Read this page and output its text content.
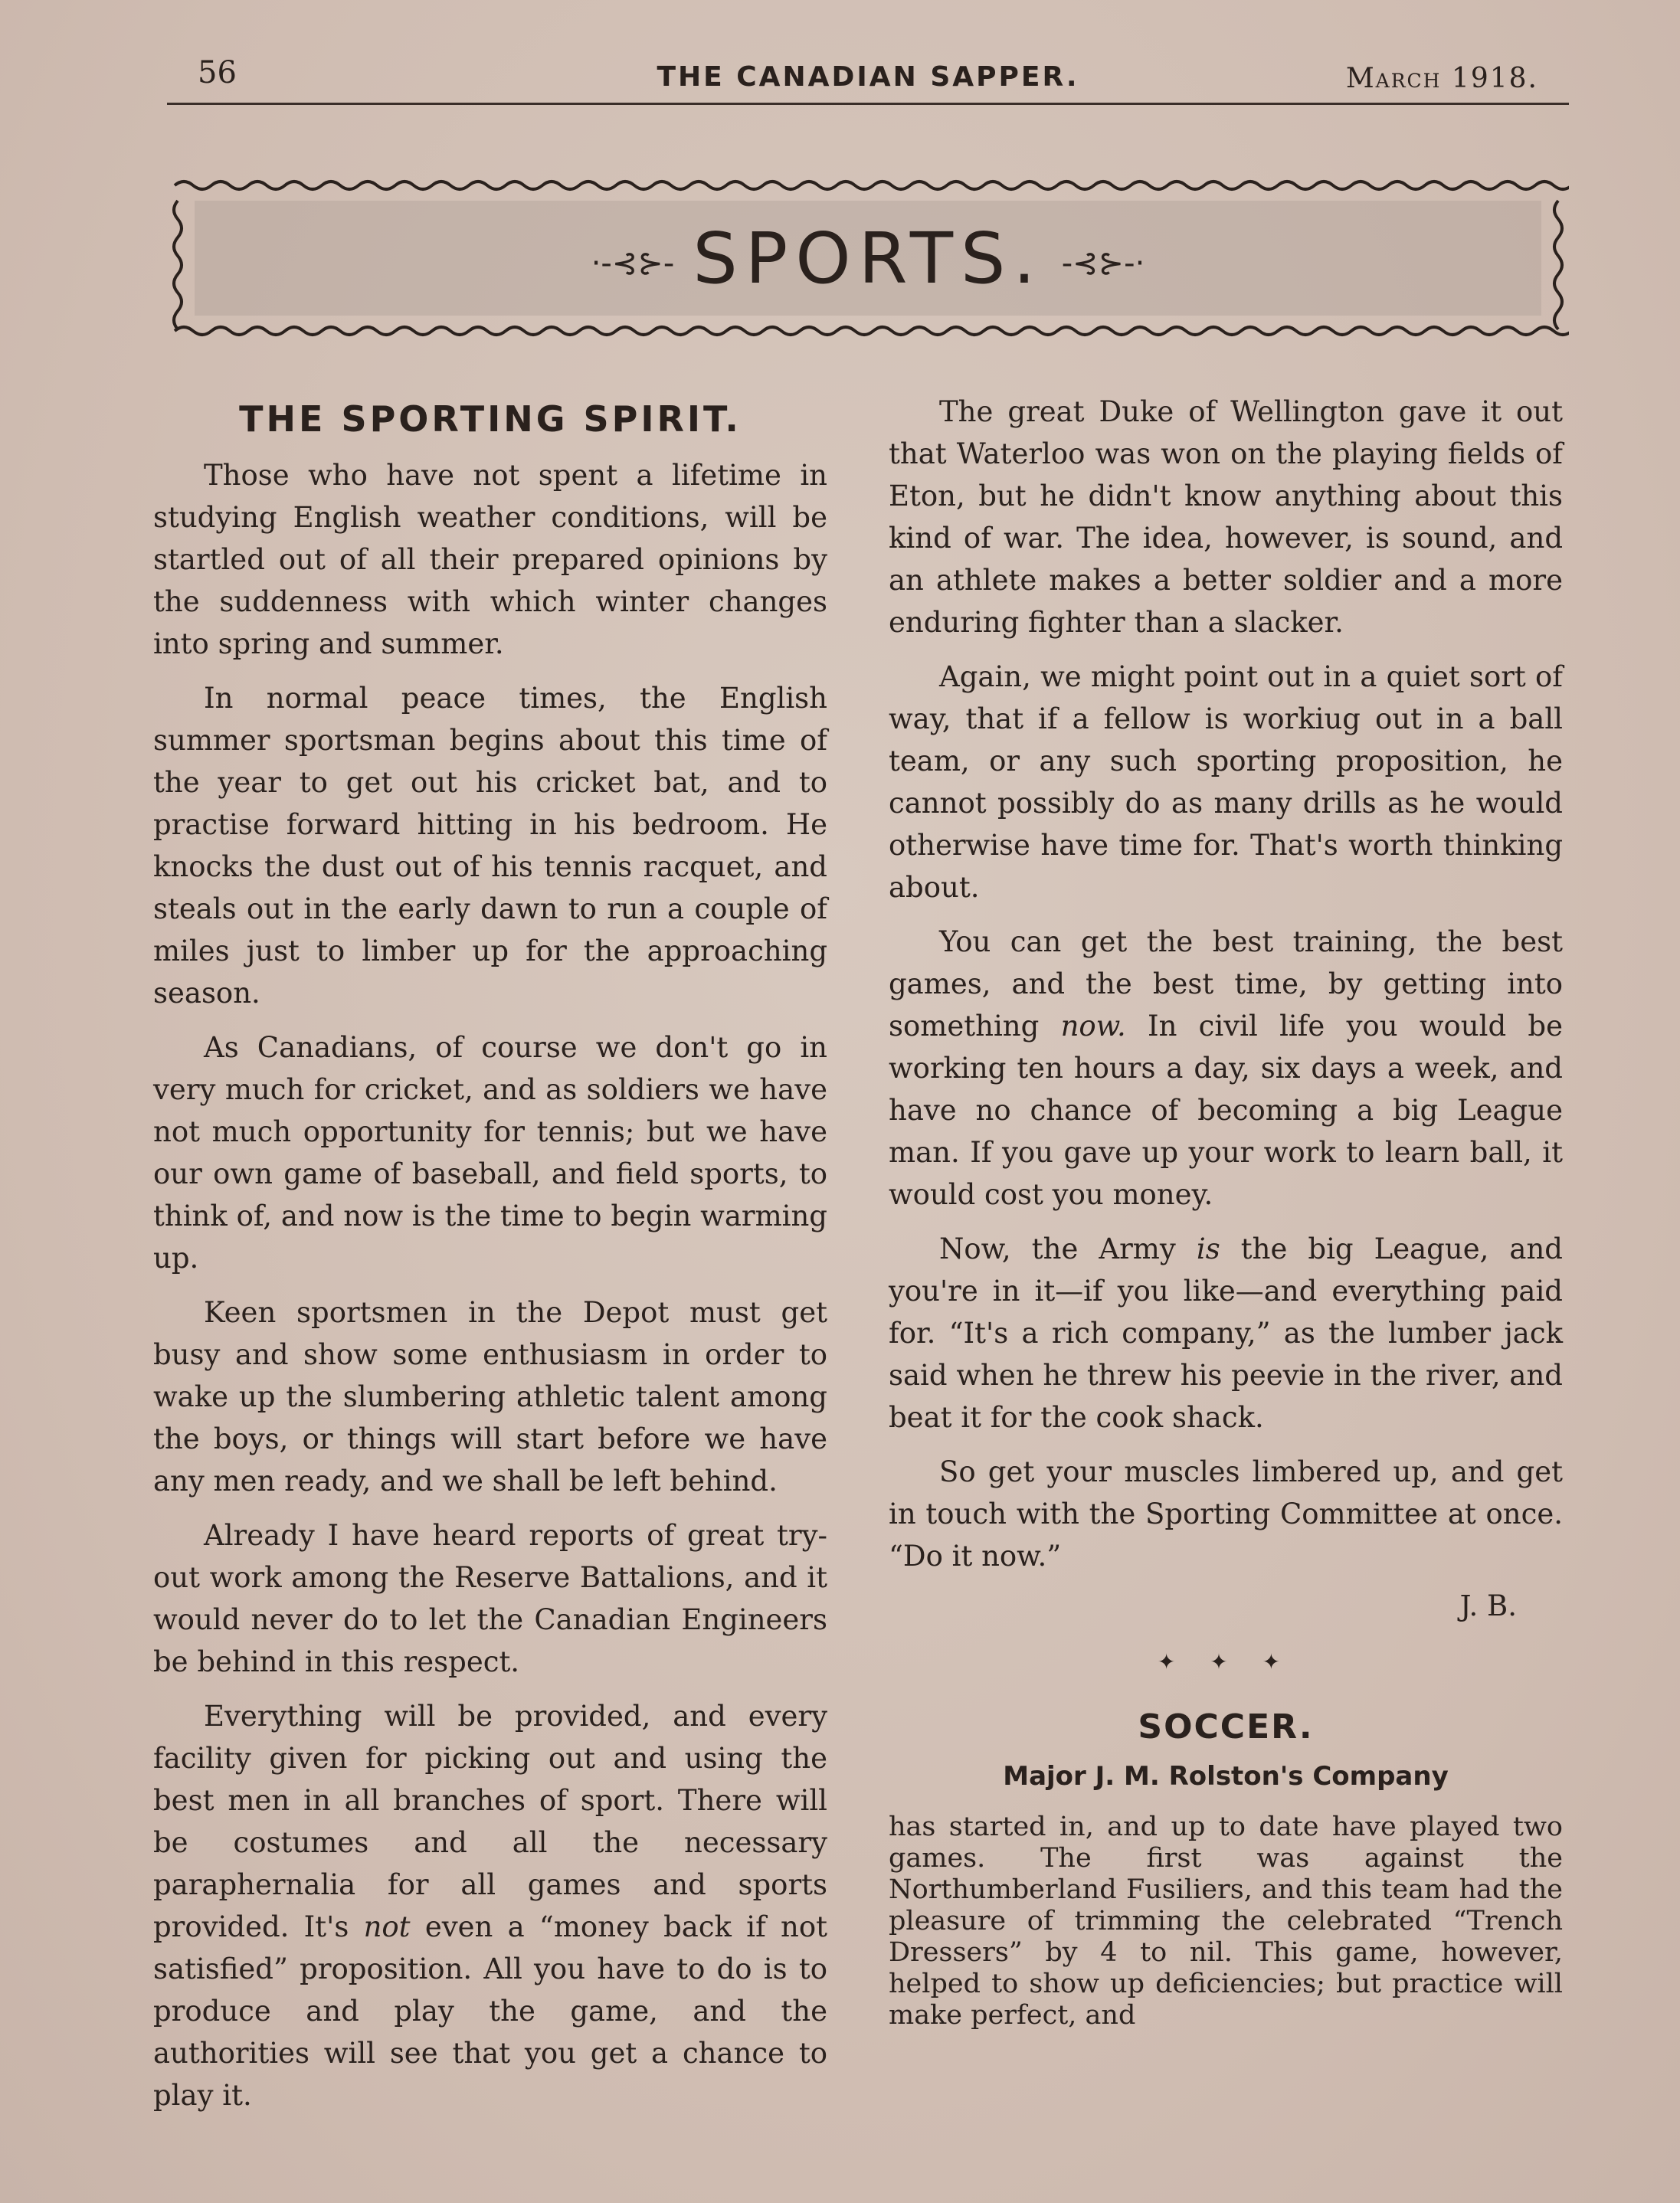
56	THE CANADIAN SAPPER.	March 1918.
·‑⊰⊱‑ SPORTS. ‑⊰⊱‑·
THE SPORTING SPIRIT.

Those who have not spent a lifetime in studying English weather conditions, will be startled out of all their prepared opinions by the suddenness with which winter changes into spring and summer.

In normal peace times, the English summer sportsman begins about this time of the year to get out his cricket bat, and to practise forward hitting in his bedroom. He knocks the dust out of his tennis racquet, and steals out in the early dawn to run a couple of miles just to limber up for the approaching season.

As Canadians, of course we don't go in very much for cricket, and as soldiers we have not much opportunity for tennis; but we have our own game of baseball, and field sports, to think of, and now is the time to begin warming up.

Keen sportsmen in the Depot must get busy and show some enthusiasm in order to wake up the slumbering athletic talent among the boys, or things will start before we have any men ready, and we shall be left behind.

Already I have heard reports of great try-out work among the Reserve Battalions, and it would never do to let the Canadian Engineers be behind in this respect.

Everything will be provided, and every facility given for picking out and using the best men in all branches of sport. There will be costumes and all the necessary paraphernalia for all games and sports provided. It's not even a “money back if not satisfied” proposition. All you have to do is to produce and play the game, and the authorities will see that you get a chance to play it.

The great Duke of Wellington gave it out that Waterloo was won on the playing fields of Eton, but he didn't know anything about this kind of war. The idea, however, is sound, and an athlete makes a better soldier and a more enduring fighter than a slacker.

Again, we might point out in a quiet sort of way, that if a fellow is workiug out in a ball team, or any such sporting proposition, he cannot possibly do as many drills as he would otherwise have time for. That's worth thinking about.

You can get the best training, the best games, and the best time, by getting into something now. In civil life you would be working ten hours a day, six days a week, and have no chance of becoming a big League man. If you gave up your work to learn ball, it would cost you money.

Now, the Army is the big League, and you're in it—if you like—and everything paid for. “It's a rich company,” as the lumber jack said when he threw his peevie in the river, and beat it for the cook shack.

So get your muscles limbered up, and get in touch with the Sporting Committee at once. “Do it now.”

J. B.
✦ ✦ ✦
SOCCER.
Major J. M. Rolston's Company

has started in, and up to date have played two games. The first was against the Northumberland Fusiliers, and this team had the pleasure of trimming the celebrated “Trench Dressers” by 4 to nil. This game, however, helped to show up deficiencies; but practice will make perfect, and
